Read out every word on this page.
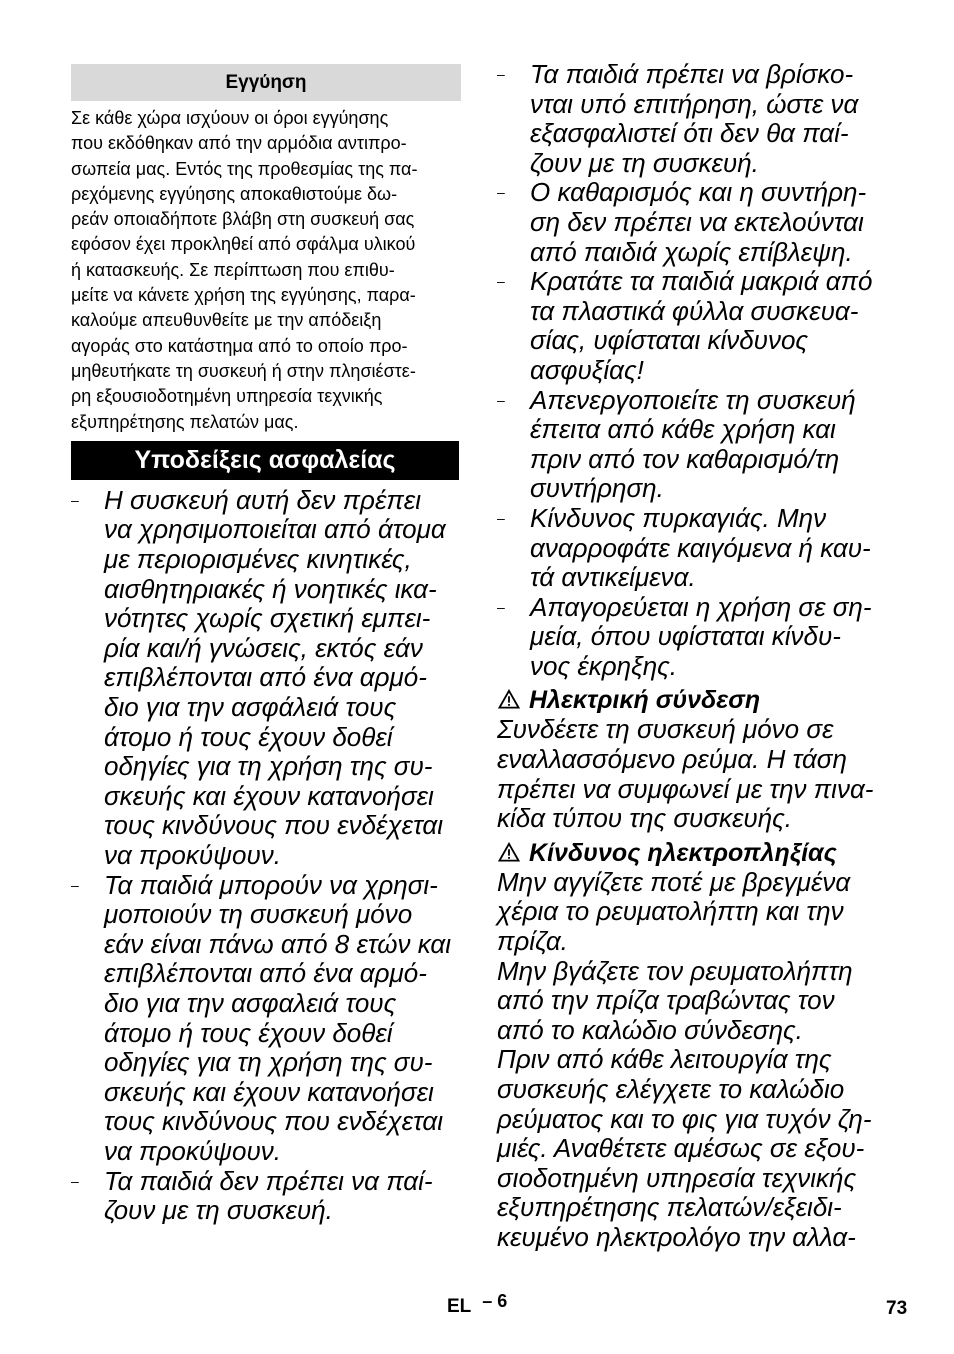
Εγγύηση
Σε κάθε χώρα ισχύουν οι όροι εγγύησης
που εκδόθηκαν από την αρμόδια αντιπρο-
σωπεία μας. Εντός της προθεσμίας της πα-
ρεχόμενης εγγύησης αποκαθιστούμε δω-
ρεάν οποιαδήποτε βλάβη στη συσκευή σας
εφόσον έχει προκληθεί από σφάλμα υλικού
ή κατασκευής. Σε περίπτωση που επιθυ-
μείτε να κάνετε χρήση της εγγύησης, παρα-
καλούμε απευθυνθείτε με την απόδειξη
αγοράς στο κατάστημα από το οποίο προ-
μηθευτήκατε τη συσκευή ή στην πλησιέστε-
ρη εξουσιοδοτημένη υπηρεσία τεχνικής
εξυπηρέτησης πελατών μας.
Υποδείξεις ασφαλείας
– Η συσκευή αυτή δεν πρέπει
να χρησιμοποιείται από άτομα
με περιορισμένες κινητικές,
αισθητηριακές ή νοητικές ικα-
νότητες χωρίς σχετική εμπει-
ρία και/ή γνώσεις, εκτός εάν
επιβλέπονται από ένα αρμό-
διο για την ασφάλειά τους
άτομο ή τους έχουν δοθεί
οδηγίες για τη χρήση της συ-
σκευής και έχουν κατανοήσει
τους κινδύνους που ενδέχεται
να προκύψουν.
– Τα παιδιά μπορούν να χρησι-
μοποιούν τη συσκευή μόνο
εάν είναι πάνω από 8 ετών και
επιβλέπονται από ένα αρμό-
διο για την ασφαλειά τους
άτομο ή τους έχουν δοθεί
οδηγίες για τη χρήση της συ-
σκευής και έχουν κατανοήσει
τους κινδύνους που ενδέχεται
να προκύψουν.
– Τα παιδιά δεν πρέπει να παί-
ζουν με τη συσκευή.
– Τα παιδιά πρέπει να βρίσκο-
νται υπό επιτήρηση, ώστε να
εξασφαλιστεί ότι δεν θα παί-
ζουν με τη συσκευή.
– Ο καθαρισμός και η συντήρη-
ση δεν πρέπει να εκτελούνται
από παιδιά χωρίς επίβλεψη.
– Κρατάτε τα παιδιά μακριά από
τα πλαστικά φύλλα συσκευα-
σίας, υφίσταται κίνδυνος
ασφυξίας!
– Απενεργοποιείτε τη συσκευή
έπειτα από κάθε χρήση και
πριν από τον καθαρισμό/τη
συντήρηση.
– Κίνδυνος πυρκαγιάς. Μην
αναρροφάτε καιγόμενα ή καυ-
τά αντικείμενα.
– Απαγορεύεται η χρήση σε ση-
μεία, όπου υφίσταται κίνδυ-
νος έκρηξης.
Ηλεκτρική σύνδεση
Συνδέετε τη συσκευή μόνο σε
εναλλασσόμενο ρεύμα. Η τάση
πρέπει να συμφωνεί με την πινα-
κίδα τύπου της συσκευής.
Κίνδυνος ηλεκτροπληξίας
Μην αγγίζετε ποτέ με βρεγμένα
χέρια το ρευματολήπτη και την
πρίζα.
Μην βγάζετε τον ρευματολήπτη
από την πρίζα τραβώντας τον
από το καλώδιο σύνδεσης.
Πριν από κάθε λειτουργία της
συσκευής ελέγχετε το καλώδιο
ρεύματος και το φις για τυχόν ζη-
μιές. Αναθέτετε αμέσως σε εξου-
σιοδοτημένη υπηρεσία τεχνικής
εξυπηρέτησης πελατών/εξειδι-
κευμένο ηλεκτρολόγο την αλλα-
EL – 6	73
